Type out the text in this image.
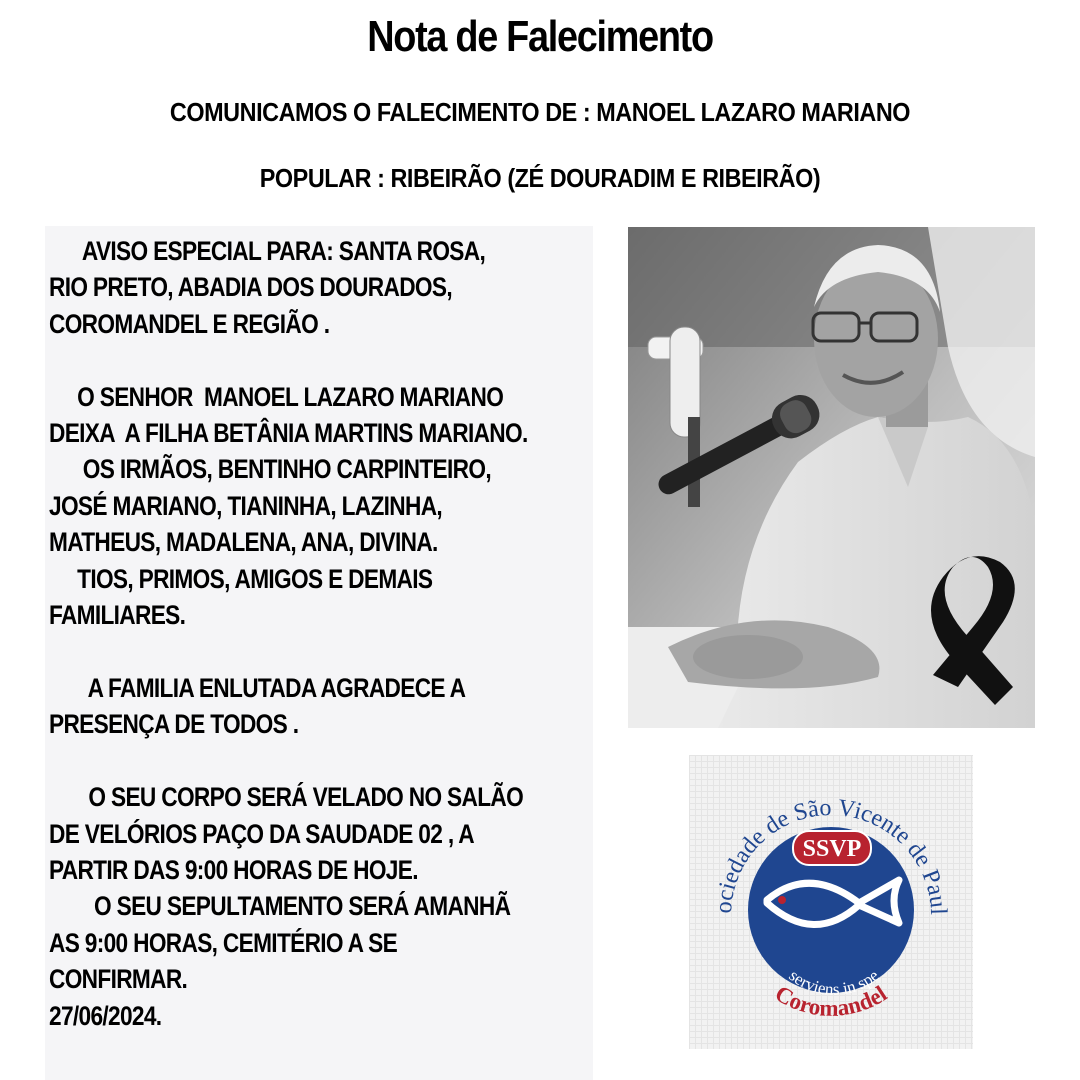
Nota de Falecimento
COMUNICAMOS O FALECIMENTO DE : MANOEL LAZARO MARIANO
POPULAR : RIBEIRÃO (ZÉ DOURADIM E RIBEIRÃO)
AVISO ESPECIAL PARA: SANTA ROSA,
RIO PRETO, ABADIA DOS DOURADOS,
COROMANDEL E REGIÃO .

O SENHOR  MANOEL LAZARO MARIANO
DEIXA  A FILHA BETÂNIA MARTINS MARIANO.
OS IRMÃOS, BENTINHO CARPINTEIRO,
JOSÉ MARIANO, TIANINHA, LAZINHA,
MATHEUS, MADALENA, ANA, DIVINA.
TIOS, PRIMOS, AMIGOS E DEMAIS
FAMILIARES.

A FAMILIA ENLUTADA AGRADECE A
PRESENÇA DE TODOS .

O SEU CORPO SERÁ VELADO NO SALÃO
DE VELÓRIOS PAÇO DA SAUDADE 02 , A
PARTIR DAS 9:00 HORAS DE HOJE.
O SEU SEPULTAMENTO SERÁ AMANHÃ
AS 9:00 HORAS, CEMITÉRIO A SE
CONFIRMAR.
27/06/2024.
ociedade de São Vicente de Paul
SSVP
serviens in spe
Coromandel
